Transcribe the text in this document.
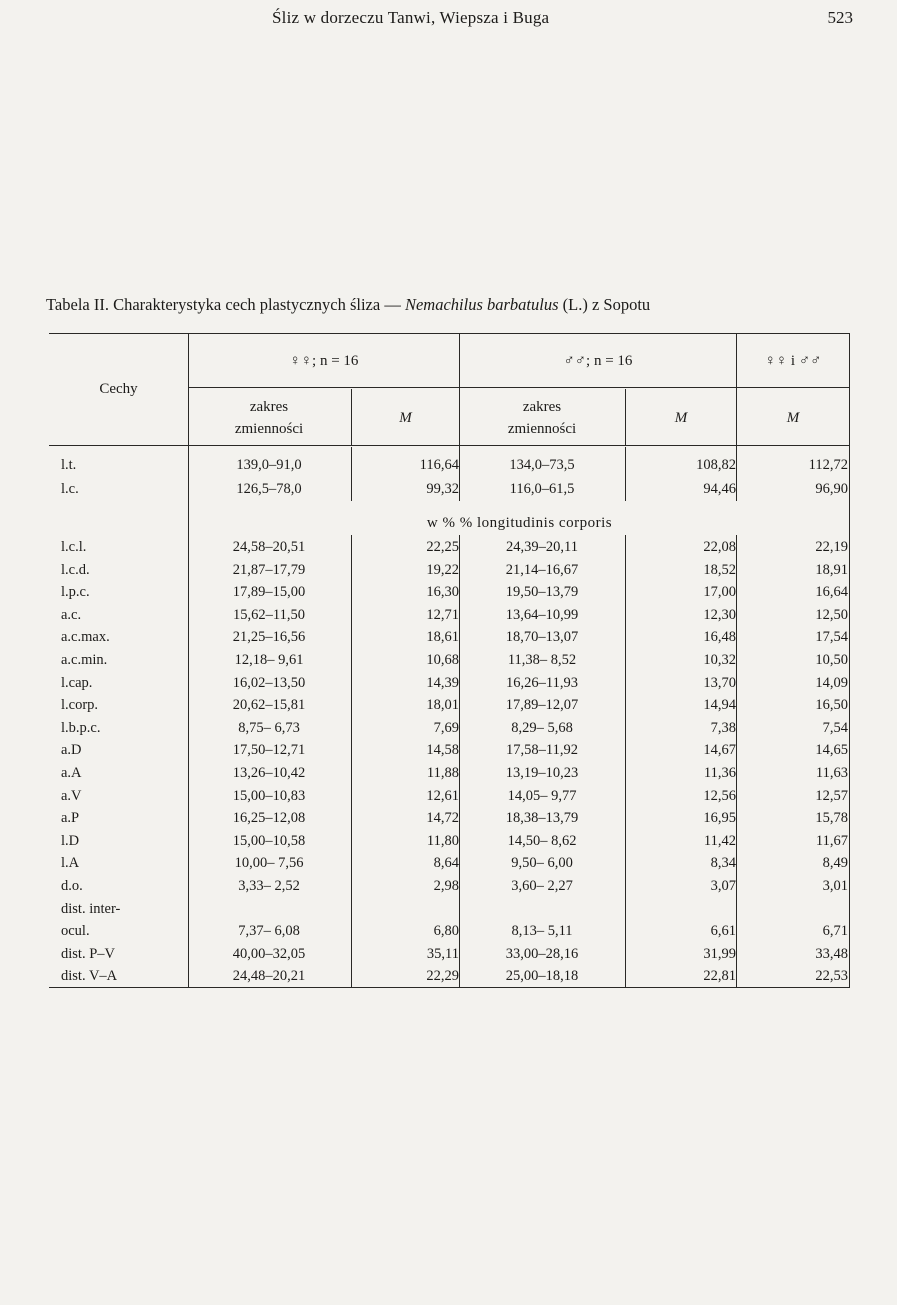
Śliz w dorzeczu Tanwi, Wiepsza i Buga	523
Tabela II. Charakterystyka cech plastycznych śliza — Nemachilus barbatulus (L.) z Sopotu
Cechy
♀♀; n = 16	♂♂; n = 16	♀♀ i ♂♂
zakres zmienności
M
zakres zmienności
M	M
w % % longitudinis corporis
l.t.	139,0–91,0	116,64	134,0–73,5	108,82	112,72
l.c.	126,5–78,0	99,32	116,0–61,5	94,46	96,90
l.c.l.	24,58–20,51	22,25	24,39–20,11	22,08	22,19
l.c.d.	21,87–17,79	19,22	21,14–16,67	18,52	18,91
l.p.c.	17,89–15,00	16,30	19,50–13,79	17,00	16,64
a.c.	15,62–11,50	12,71	13,64–10,99	12,30	12,50
a.c.max.	21,25–16,56	18,61	18,70–13,07	16,48	17,54
a.c.min.	12,18– 9,61	10,68	11,38– 8,52	10,32	10,50
l.cap.	16,02–13,50	14,39	16,26–11,93	13,70	14,09
l.corp.	20,62–15,81	18,01	17,89–12,07	14,94	16,50
l.b.p.c.	8,75– 6,73	7,69	8,29– 5,68	7,38	7,54
a.D	17,50–12,71	14,58	17,58–11,92	14,67	14,65
a.A	13,26–10,42	11,88	13,19–10,23	11,36	11,63
a.V	15,00–10,83	12,61	14,05– 9,77	12,56	12,57
a.P	16,25–12,08	14,72	18,38–13,79	16,95	15,78
l.D	15,00–10,58	11,80	14,50– 8,62	11,42	11,67
l.A	10,00– 7,56	8,64	9,50– 6,00	8,34	8,49
d.o.	3,33– 2,52	2,98	3,60– 2,27	3,07	3,01
dist. inter-
ocul.	7,37– 6,08	6,80	8,13– 5,11	6,61	6,71
dist. P–V	40,00–32,05	35,11	33,00–28,16	31,99	33,48
dist. V–A	24,48–20,21	22,29	25,00–18,18	22,81	22,53
